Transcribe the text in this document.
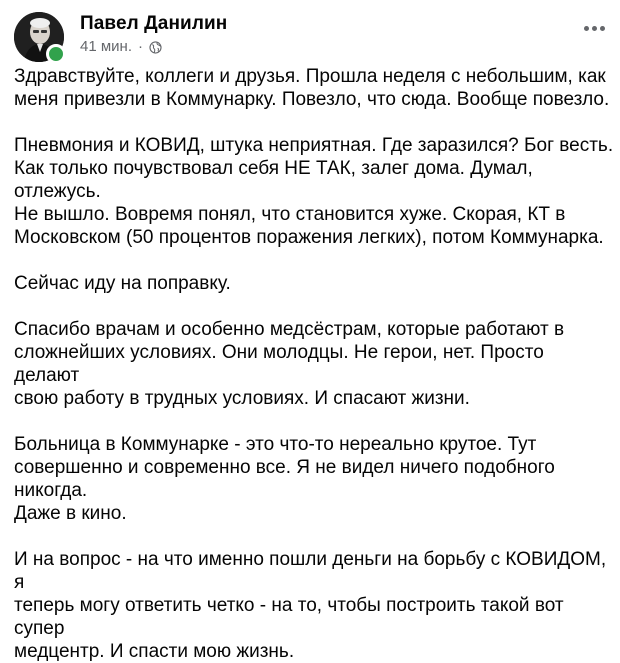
Павел Данилин
41 мин. ·

Здравствуйте, коллеги и друзья. Прошла неделя с небольшим, как
меня привезли в Коммунарку. Повезло, что сюда. Вообще повезло.

Пневмония и КОВИД, штука неприятная. Где заразился? Бог весть.
Как только почувствовал себя НЕ ТАК, залег дома. Думал, отлежусь.
Не вышло. Вовремя понял, что становится хуже. Скорая, КТ в
Московском (50 процентов поражения легких), потом Коммунарка.

Сейчас иду на поправку.

Спасибо врачам и особенно медсёстрам, которые работают в
сложнейших условиях. Они молодцы. Не герои, нет. Просто делают
свою работу в трудных условиях. И спасают жизни.

Больница в Коммунарке - это что-то нереально крутое. Тут
совершенно и современно все. Я не видел ничего подобного никогда.
Даже в кино.

И на вопрос - на что именно пошли деньги на борьбу с КОВИДОМ, я
теперь могу ответить четко - на то, чтобы построить такой вот супер
медцентр. И спасти мою жизнь.
